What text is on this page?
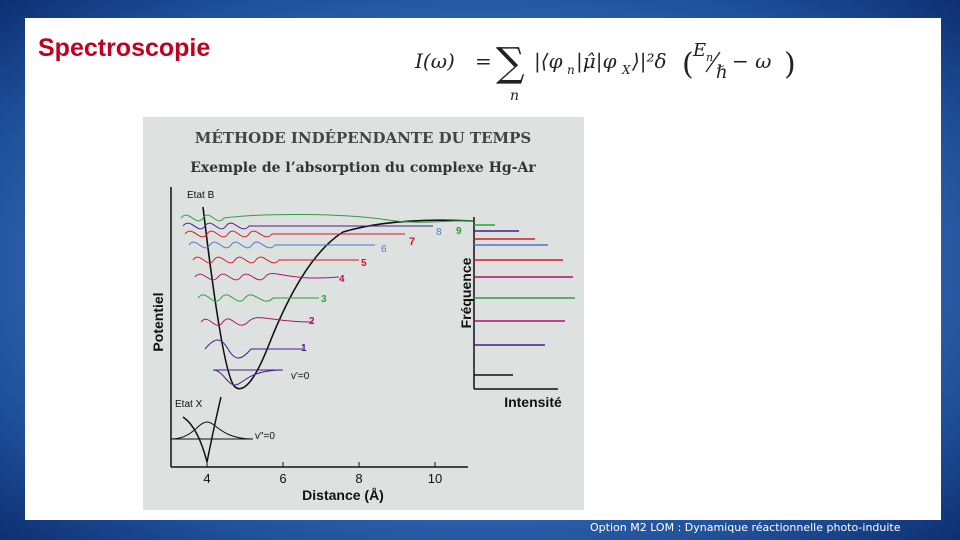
Spectroscopie	I(ω) = ∑
n
|⟨φ n |μ̂|φ X ⟩|²δ ( E n
ℏ − ω )
MÉTHODE INDÉPENDANTE DU TEMPS
Exemple de l’absorption du complexe Hg-Ar
4	6	8	10
Distance (Å)
Potentiel
Etat B
Etat X
v"=0
v'=0
1
2
3
4
5
6
7
8 9
Fréquence
Intensité
Option M2 LOM : Dynamique réactionnelle photo-induite
